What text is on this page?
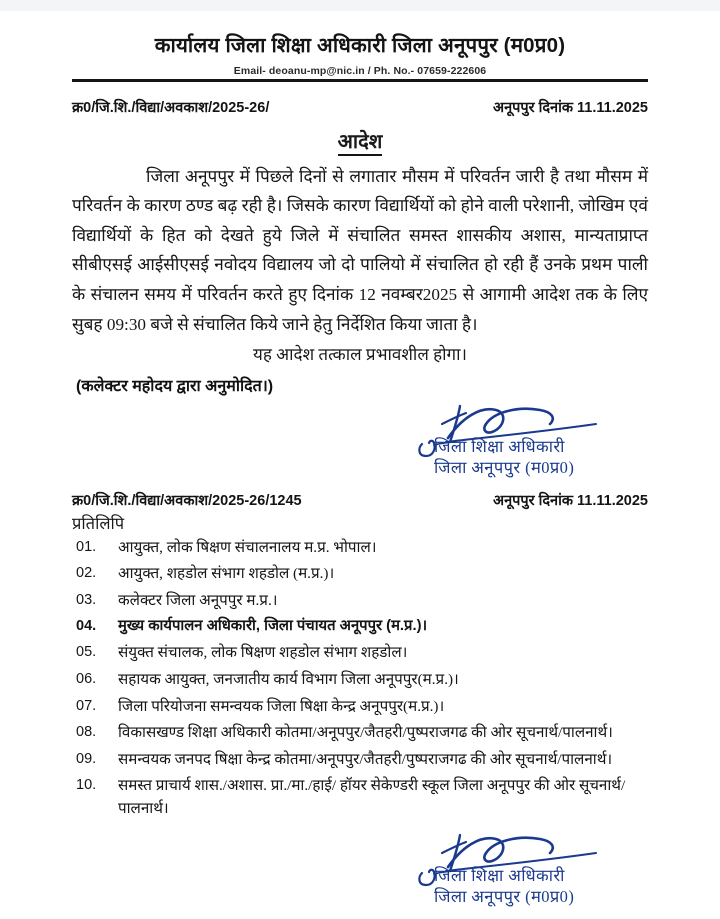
कार्यालय जिला शिक्षा अधिकारी जिला अनूपपुर (म0प्र0)
Email- deoanu-mp@nic.in / Ph. No.- 07659-222606
क्र0/जि.शि./विद्या/अवकाश/2025-26/	अनूपपुर दिनांक 11.11.2025
आदेश
जिला अनूपपुर में पिछले दिनों से लगातार मौसम में परिवर्तन जारी है तथा मौसम में परिवर्तन के कारण ठण्ड बढ़ रही है। जिसके कारण विद्यार्थियों को होने वाली परेशानी, जोखिम एवं विद्यार्थियों के हित को देखते हुये जिले में संचालित समस्त शासकीय अशास, मान्यताप्राप्त सीबीएसई आईसीएसई नवोदय विद्यालय जो दो पालियो में संचालित हो रही हैं उनके प्रथम पाली के संचालन समय में परिवर्तन करते हुए दिनांक 12 नवम्बर2025 से आगामी आदेश तक के लिए सुबह 09:30 बजे से संचालित किये जाने हेतु निर्देशित किया जाता है।
यह आदेश तत्काल प्रभावशील होगा।
(कलेक्टर महोदय द्वारा अनुमोदित।)
जिला शिक्षा अधिकारी
जिला अनूपपुर (म0प्र0)
क्र0/जि.शि./विद्या/अवकाश/2025-26/1245	अनूपपुर दिनांक 11.11.2025
प्रतिलिपि
01.	आयुक्त, लोक षिक्षण संचालनालय म.प्र. भोपाल।
02.	आयुक्त, शहडोल संभाग शहडोल (म.प्र.)।
03.	कलेक्टर जिला अनूपपुर म.प्र.।
04.	मुख्य कार्यपालन अधिकारी, जिला पंचायत अनूपपुर (म.प्र.)।
05.	संयुक्त संचालक, लोक षिक्षण शहडोल संभाग शहडोल।
06.	सहायक आयुक्त, जनजातीय कार्य विभाग जिला अनूपपुर(म.प्र.)।
07.	जिला परियोजना समन्वयक जिला षिक्षा केन्द्र अनूपपुर(म.प्र.)।
08.	विकासखण्ड शिक्षा अधिकारी कोतमा/अनूपपुर/जैतहरी/पुष्पराजगढ की ओर सूचनार्थ/पालनार्थ।
09.	समन्वयक जनपद षिक्षा केन्द्र कोतमा/अनूपपुर/जैतहरी/पुष्पराजगढ की ओर सूचनार्थ/पालनार्थ।
10.	समस्त प्राचार्य शास./अशास. प्रा./मा./हाई/ हॉयर सेकेण्डरी स्कूल जिला अनूपपुर की ओर सूचनार्थ/पालनार्थ।
जिला शिक्षा अधिकारी
जिला अनूपपुर (म0प्र0)
